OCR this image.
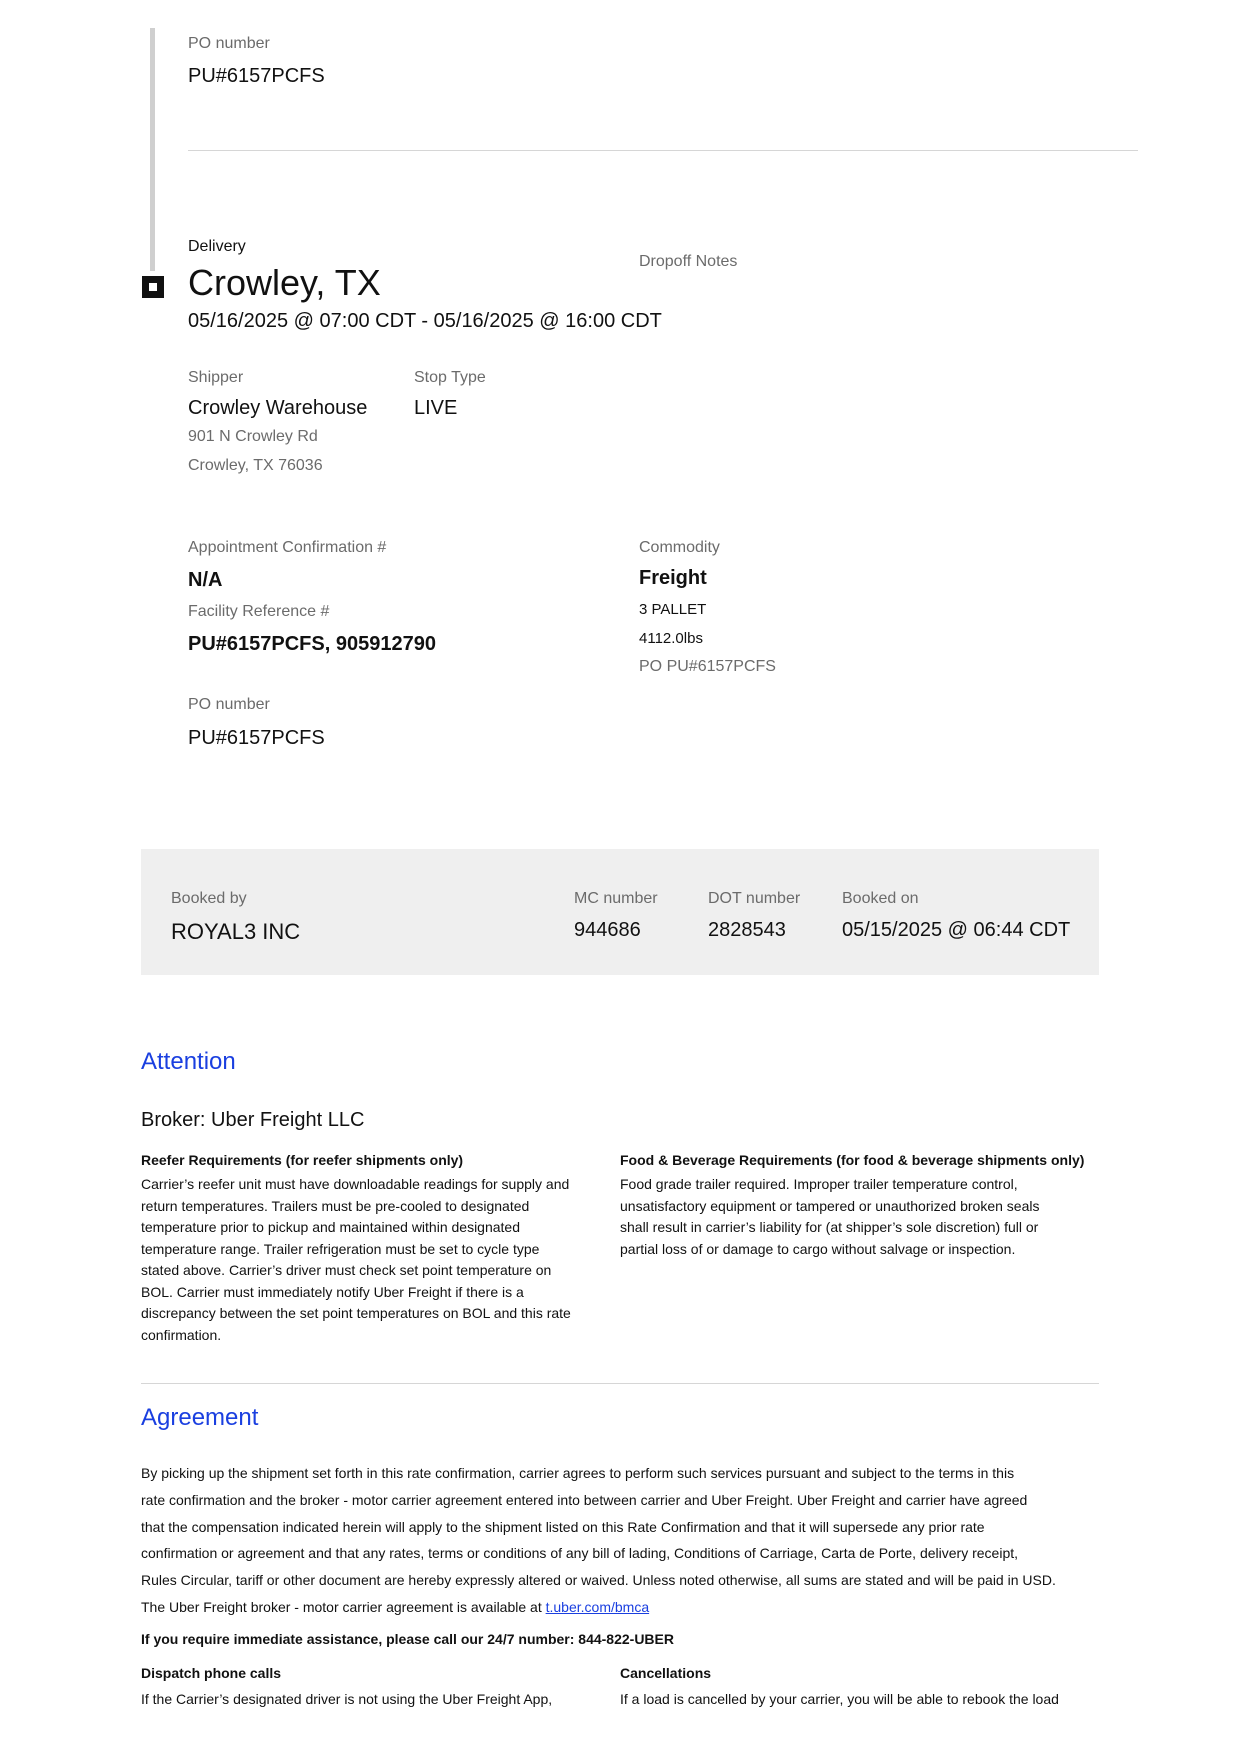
PO number
PU#6157PCFS
Delivery
Crowley, TX
05/16/2025 @ 07:00 CDT - 05/16/2025 @ 16:00 CDT
Dropoff Notes
Shipper
Crowley Warehouse
901 N Crowley Rd
Crowley, TX 76036
Stop Type
LIVE
Appointment Confirmation #
N/A
Facility Reference #
PU#6157PCFS, 905912790
Commodity
Freight
3 PALLET
4112.0lbs
PO PU#6157PCFS
PO number
PU#6157PCFS
Booked by
ROYAL3 INC
MC number
944686
DOT number
2828543
Booked on
05/15/2025 @ 06:44 CDT
Attention
Broker: Uber Freight LLC
Reefer Requirements (for reefer shipments only)
Carrier’s reefer unit must have downloadable readings for supply and
return temperatures. Trailers must be pre-cooled to designated
temperature prior to pickup and maintained within designated
temperature range. Trailer refrigeration must be set to cycle type
stated above. Carrier’s driver must check set point temperature on
BOL. Carrier must immediately notify Uber Freight if there is a
discrepancy between the set point temperatures on BOL and this rate
confirmation.
Food & Beverage Requirements (for food & beverage shipments only)
Food grade trailer required. Improper trailer temperature control,
unsatisfactory equipment or tampered or unauthorized broken seals
shall result in carrier’s liability for (at shipper’s sole discretion) full or
partial loss of or damage to cargo without salvage or inspection.
Agreement
By picking up the shipment set forth in this rate confirmation, carrier agrees to perform such services pursuant and subject to the terms in this
rate confirmation and the broker - motor carrier agreement entered into between carrier and Uber Freight. Uber Freight and carrier have agreed
that the compensation indicated herein will apply to the shipment listed on this Rate Confirmation and that it will supersede any prior rate
confirmation or agreement and that any rates, terms or conditions of any bill of lading, Conditions of Carriage, Carta de Porte, delivery receipt,
Rules Circular, tariff or other document are hereby expressly altered or waived. Unless noted otherwise, all sums are stated and will be paid in USD.
The Uber Freight broker - motor carrier agreement is available at t.uber.com/bmca
If you require immediate assistance, please call our 24/7 number: 844-822-UBER
Dispatch phone calls
If the Carrier’s designated driver is not using the Uber Freight App,
Cancellations
If a load is cancelled by your carrier, you will be able to rebook the load
